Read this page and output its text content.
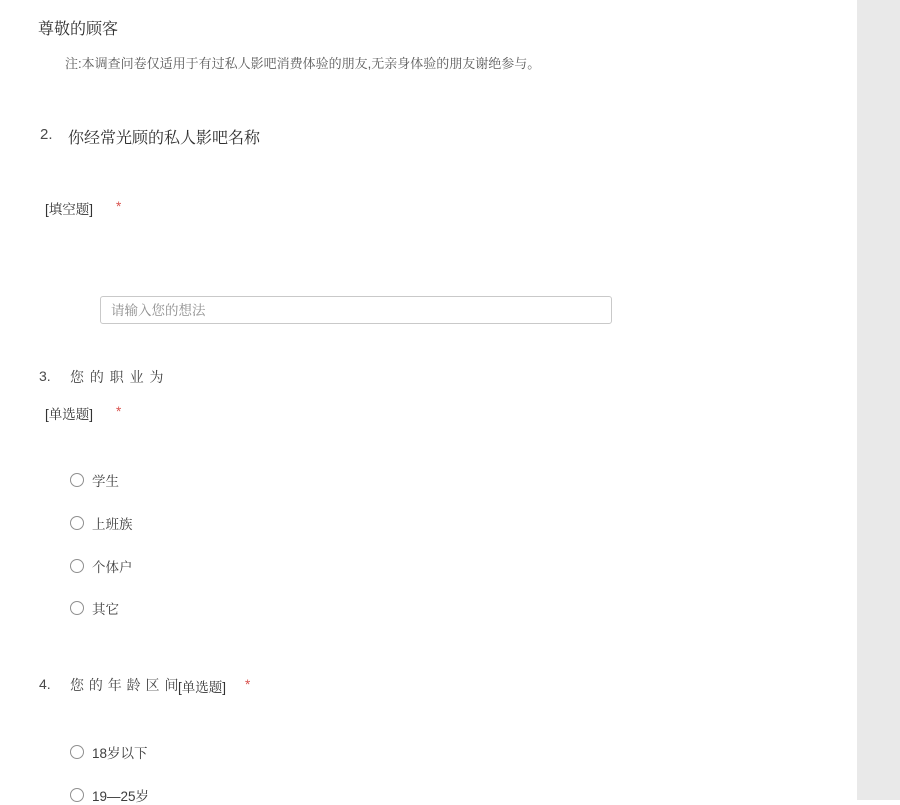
尊敬的顾客
注:本调查问卷仅适用于有过私人影吧消费体验的朋友,无亲身体验的朋友谢绝参与。
2. 你经常光顾的私人影吧名称
[填空题] *
请输入您的想法
3. 您 的 职 业 为
[单选题] *
学生
上班族
个体户
其它
4. 您 的 年 龄 区 间 [单选题] *
18岁以下
19—25岁
